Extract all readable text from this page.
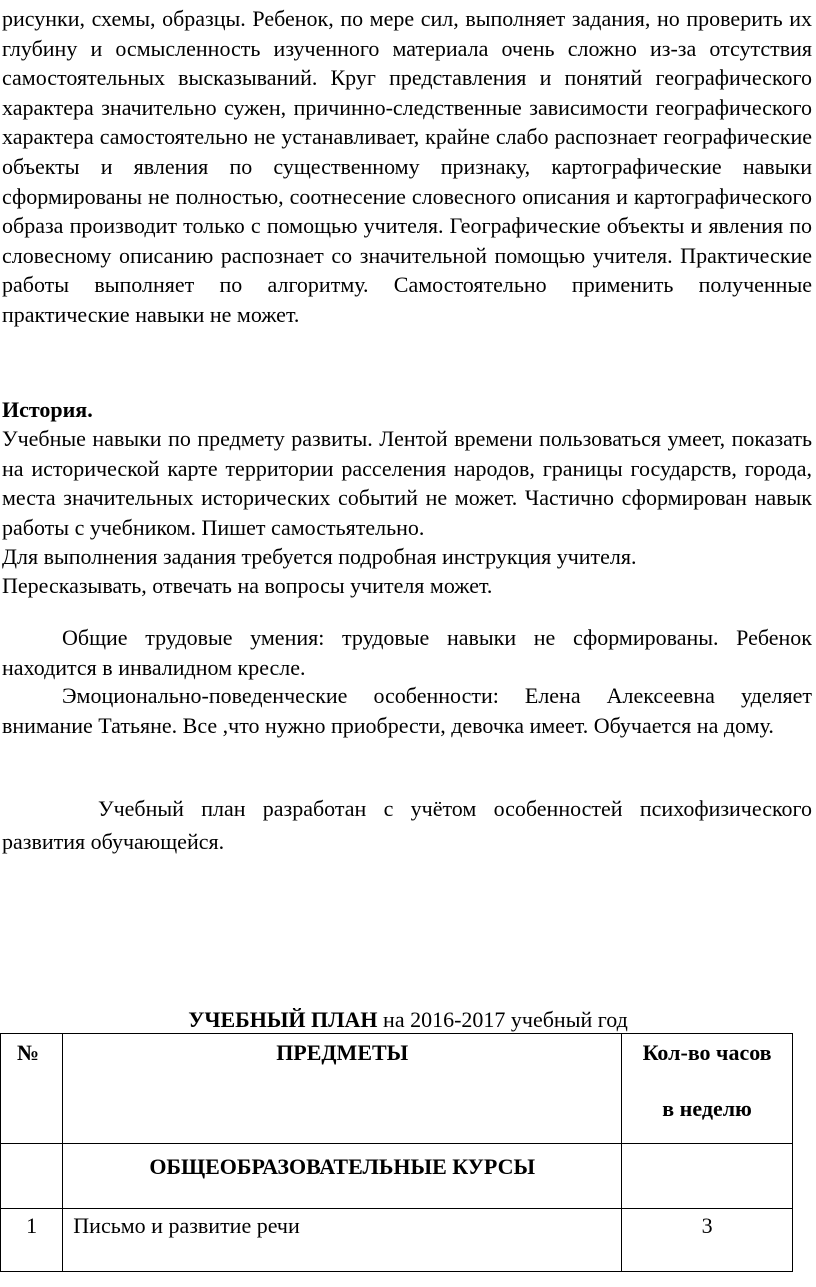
рисунки, схемы, образцы. Ребенок, по мере сил, выполняет задания, но проверить их глубину и осмысленность изученного материала очень сложно из-за отсутствия самостоятельных высказываний. Круг представления и понятий географического характера значительно сужен, причинно-следственные зависимости географического характера самостоятельно не устанавливает, крайне слабо распознает географические объекты и явления по существенному признаку, картографические навыки сформированы не полностью, соотнесение словесного описания и картографического образа производит только с помощью учителя. Географические объекты и явления по словесному описанию распознает со значительной помощью учителя. Практические работы выполняет по алгоритму. Самостоятельно применить полученные практические навыки не может.

История.

Учебные навыки по предмету развиты. Лентой времени пользоваться умеет, показать на исторической карте территории расселения народов, границы государств, города, места значительных исторических событий не может. Частично сформирован навык работы с учебником. Пишет самостьятельно.

Для выполнения задания требуется подробная инструкция учителя.

Пересказывать, отвечать на вопросы учителя может.

Общие трудовые умения: трудовые навыки не сформированы. Ребенок находится в инвалидном кресле.

Эмоционально-поведенческие особенности: Елена Алексеевна уделяет внимание Татьяне. Все ,что нужно приобрести, девочка имеет. Обучается на дому.

Учебный план разработан с учётом особенностей психофизического развития обучающейся.

УЧЕБНЫЙ ПЛАН на 2016-2017 учебный год
№	ПРЕДМЕТЫ	Кол-во часов
в неделю

	ОБЩЕОБРАЗОВАТЕЛЬНЫЕ КУРСЫ	
1	Письмо и развитие речи	3
